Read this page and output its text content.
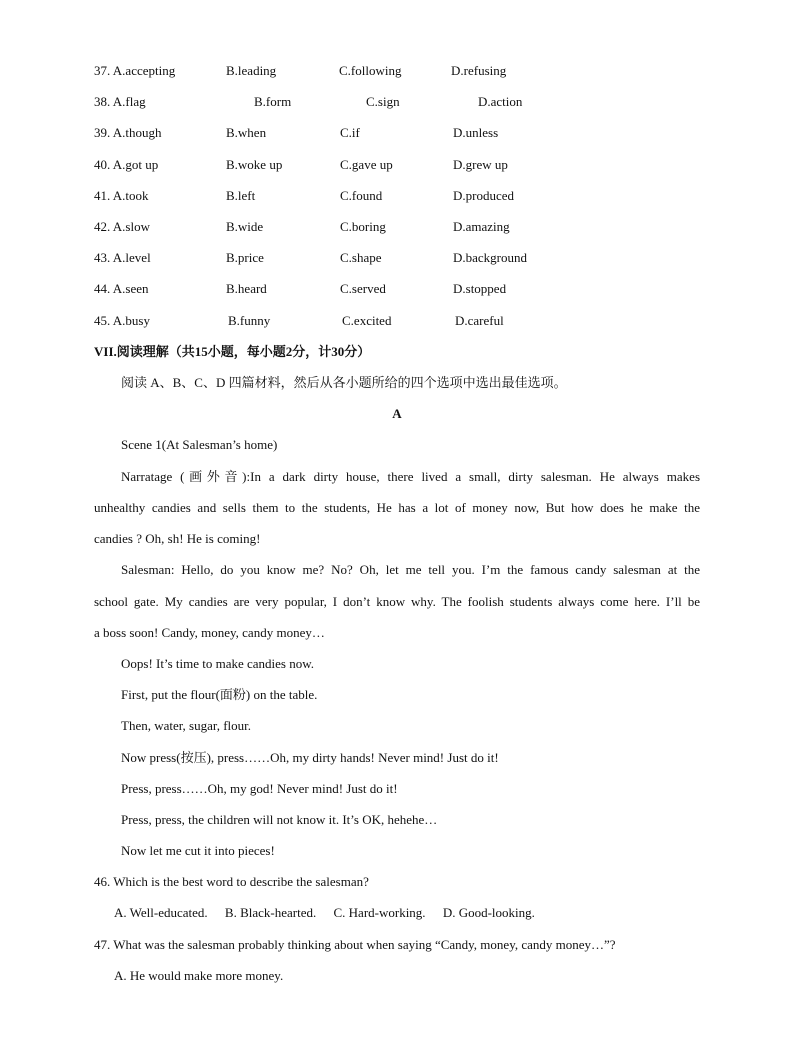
37. A.accepting	B.leading	C.following	D.refusing
38. A.flag	B.form	C.sign	D.action
39. A.though	B.when	C.if	D.unless
40. A.got up	B.woke up	C.gave up	D.grew up
41. A.took	B.left	C.found	D.produced
42. A.slow	B.wide	C.boring	D.amazing
43. A.level	B.price	C.shape	D.background
44. A.seen	B.heard	C.served	D.stopped
45. A.busy	B.funny	C.excited	D.careful
VII.阅读理解（共15小题，每小题2分，计30分）
阅读 A、B、C、D 四篇材料，然后从各小题所给的四个选项中选出最佳选项。
A
Scene 1(At Salesman’s home)
Narratage (画外音):In a dark dirty house, there lived a small, dirty salesman. He always makes
unhealthy candies and sells them to the students, He has a lot of money now, But how does he make the
candies ? Oh, sh! He is coming!
Salesman: Hello, do you know me? No? Oh, let me tell you. I’m the famous candy salesman at the
school gate. My candies are very popular, I don’t know why. The foolish students always come here. I’ll be
a boss soon! Candy, money, candy money…
Oops! It’s time to make candies now.
First, put the flour(面粉) on the table.
Then, water, sugar, flour.
Now press(按压), press……Oh, my dirty hands! Never mind! Just do it!
Press, press……Oh, my god! Never mind! Just do it!
Press, press, the children will not know it. It’s OK, hehehe…
Now let me cut it into pieces!
46. Which is the best word to describe the salesman?
A. Well-educated. B. Black-hearted. C. Hard-working. D. Good-looking.
47. What was the salesman probably thinking about when saying “Candy, money, candy money…”?
A. He would make more money.
